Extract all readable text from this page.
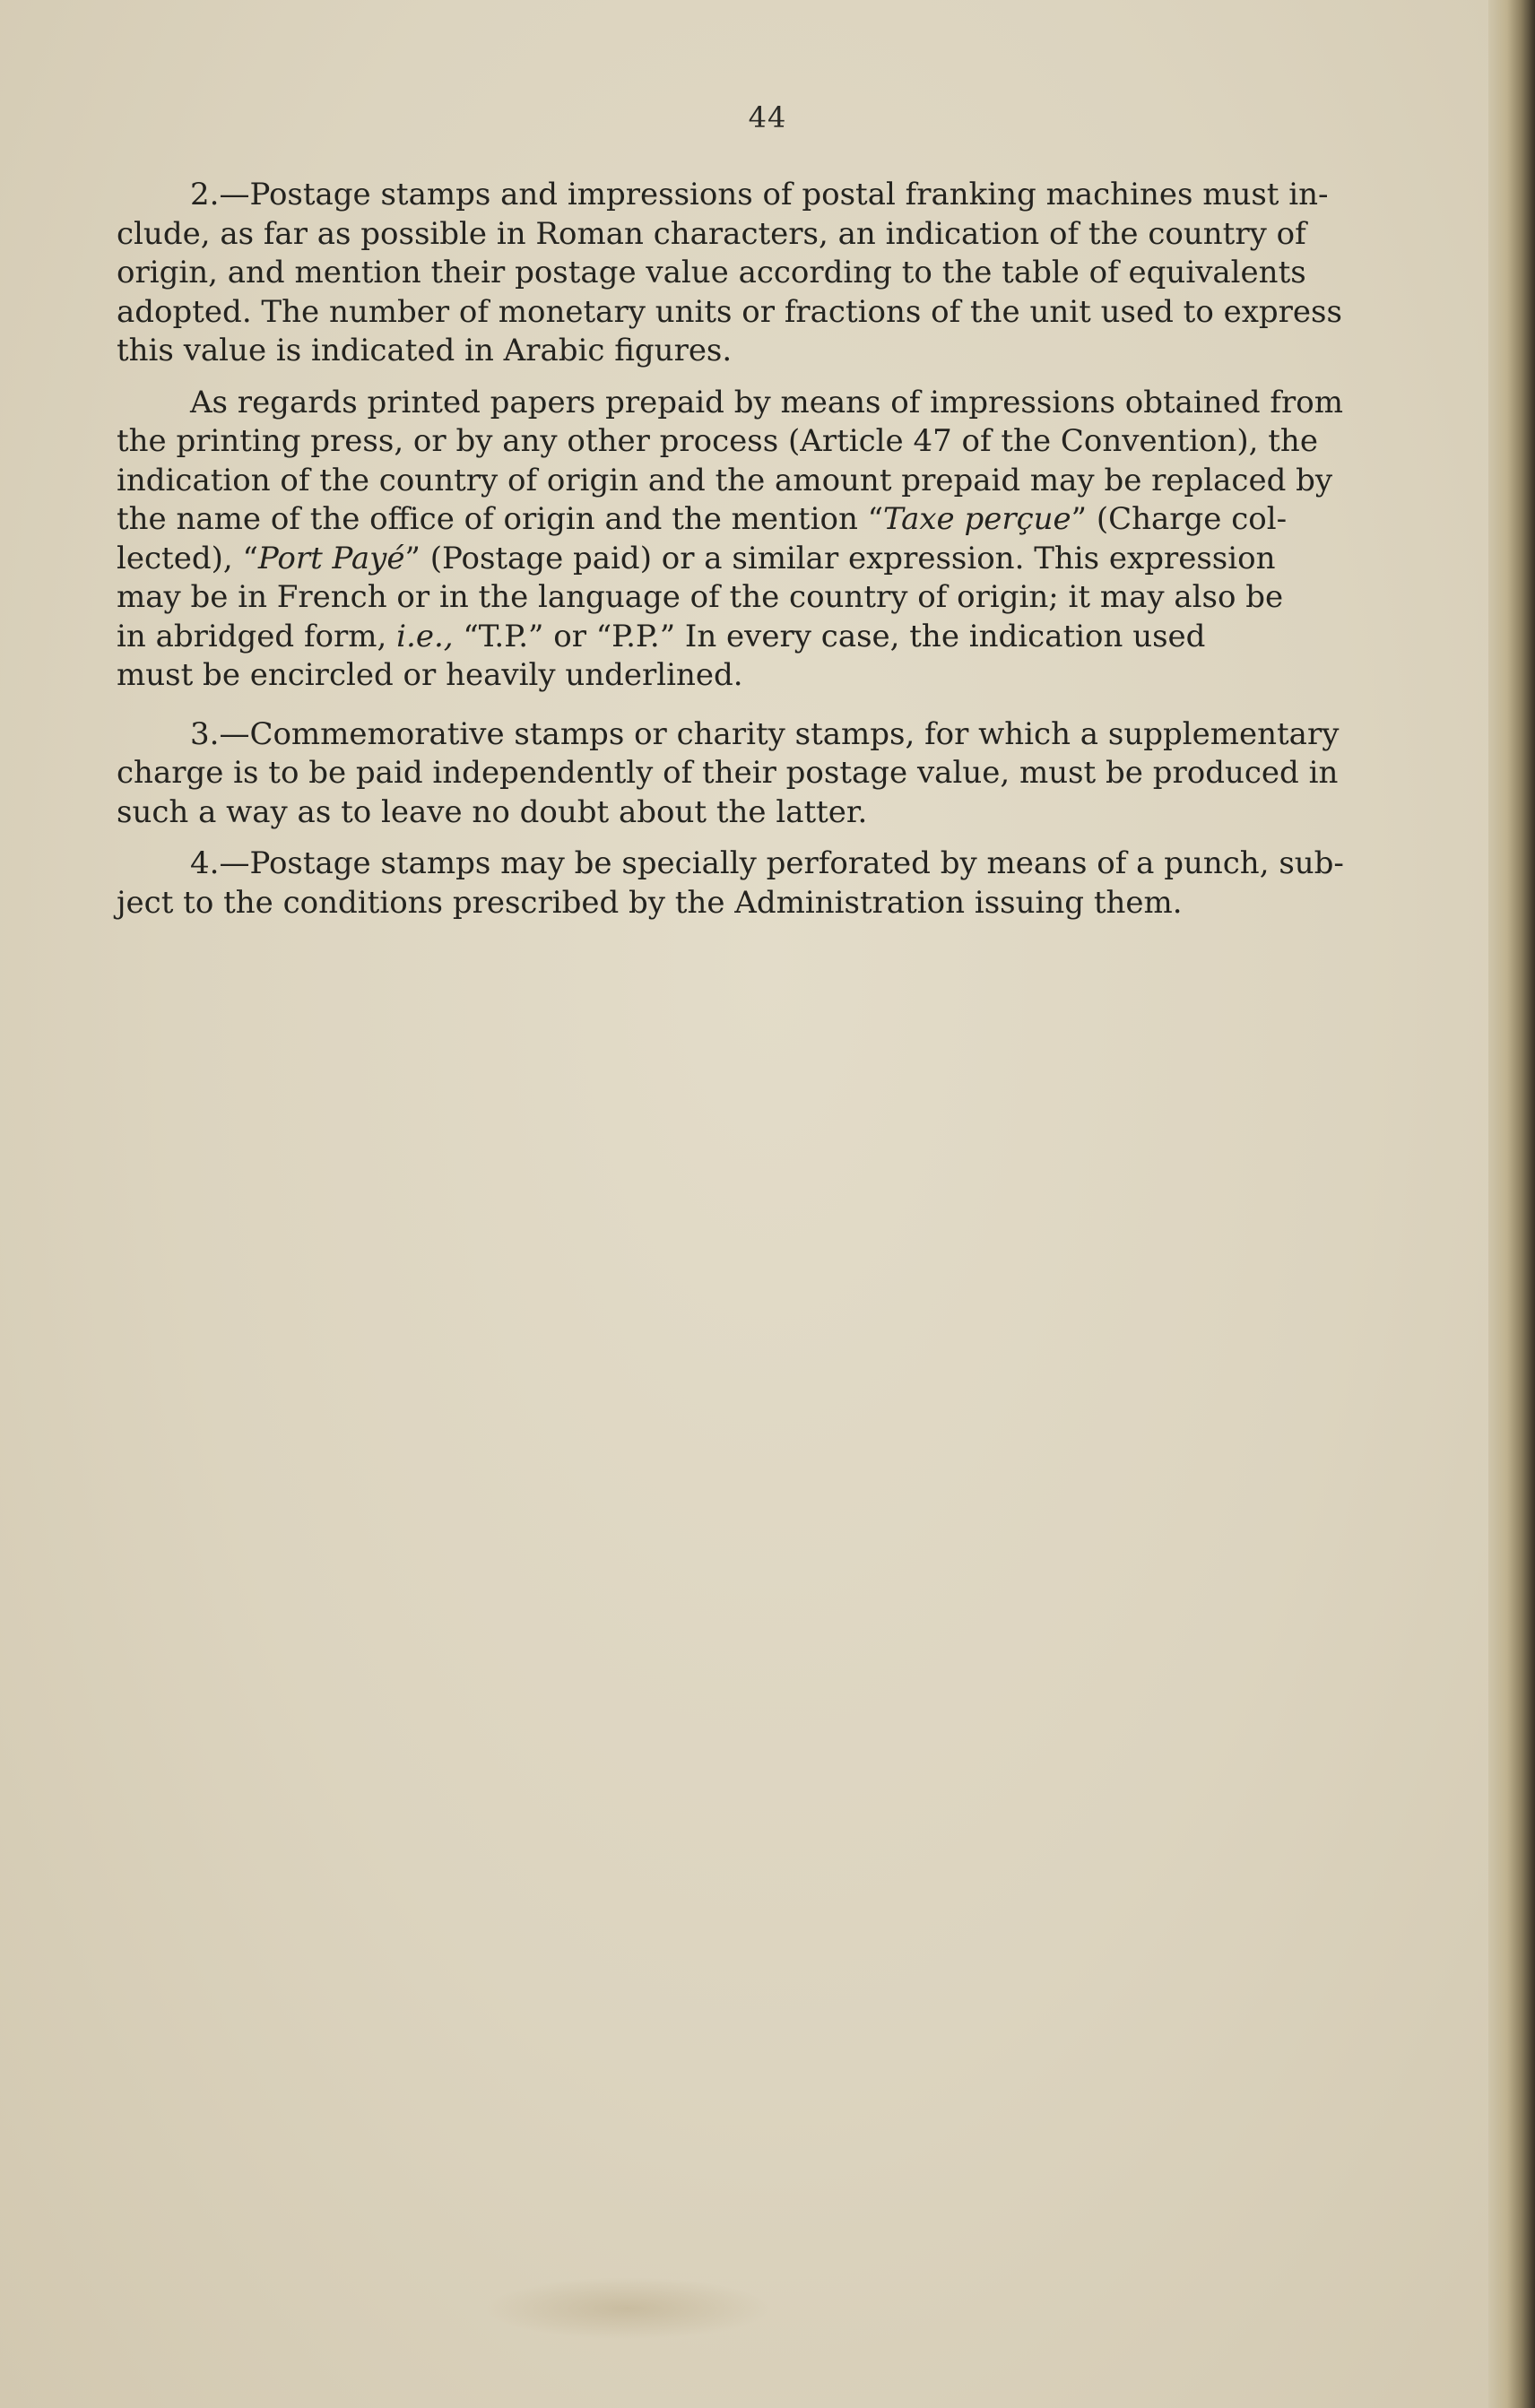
44

2.—Postage stamps and impressions of postal franking machines must in-
clude, as far as possible in Roman characters, an indication of the country of
origin, and mention their postage value according to the table of equivalents
adopted. The number of monetary units or fractions of the unit used to express
this value is indicated in Arabic figures.

As regards printed papers prepaid by means of impressions obtained from
the printing press, or by any other process (Article 47 of the Convention), the
indication of the country of origin and the amount prepaid may be replaced by
the name of the office of origin and the mention “Taxe perçue” (Charge col-
lected), “Port Payé” (Postage paid) or a similar expression. This expression
may be in French or in the language of the country of origin; it may also be
in abridged form, i.e., “T.P.” or “P.P.” In every case, the indication used
must be encircled or heavily underlined.

3.—Commemorative stamps or charity stamps, for which a supplementary
charge is to be paid independently of their postage value, must be produced in
such a way as to leave no doubt about the latter.

4.—Postage stamps may be specially perforated by means of a punch, sub-
ject to the conditions prescribed by the Administration issuing them.
